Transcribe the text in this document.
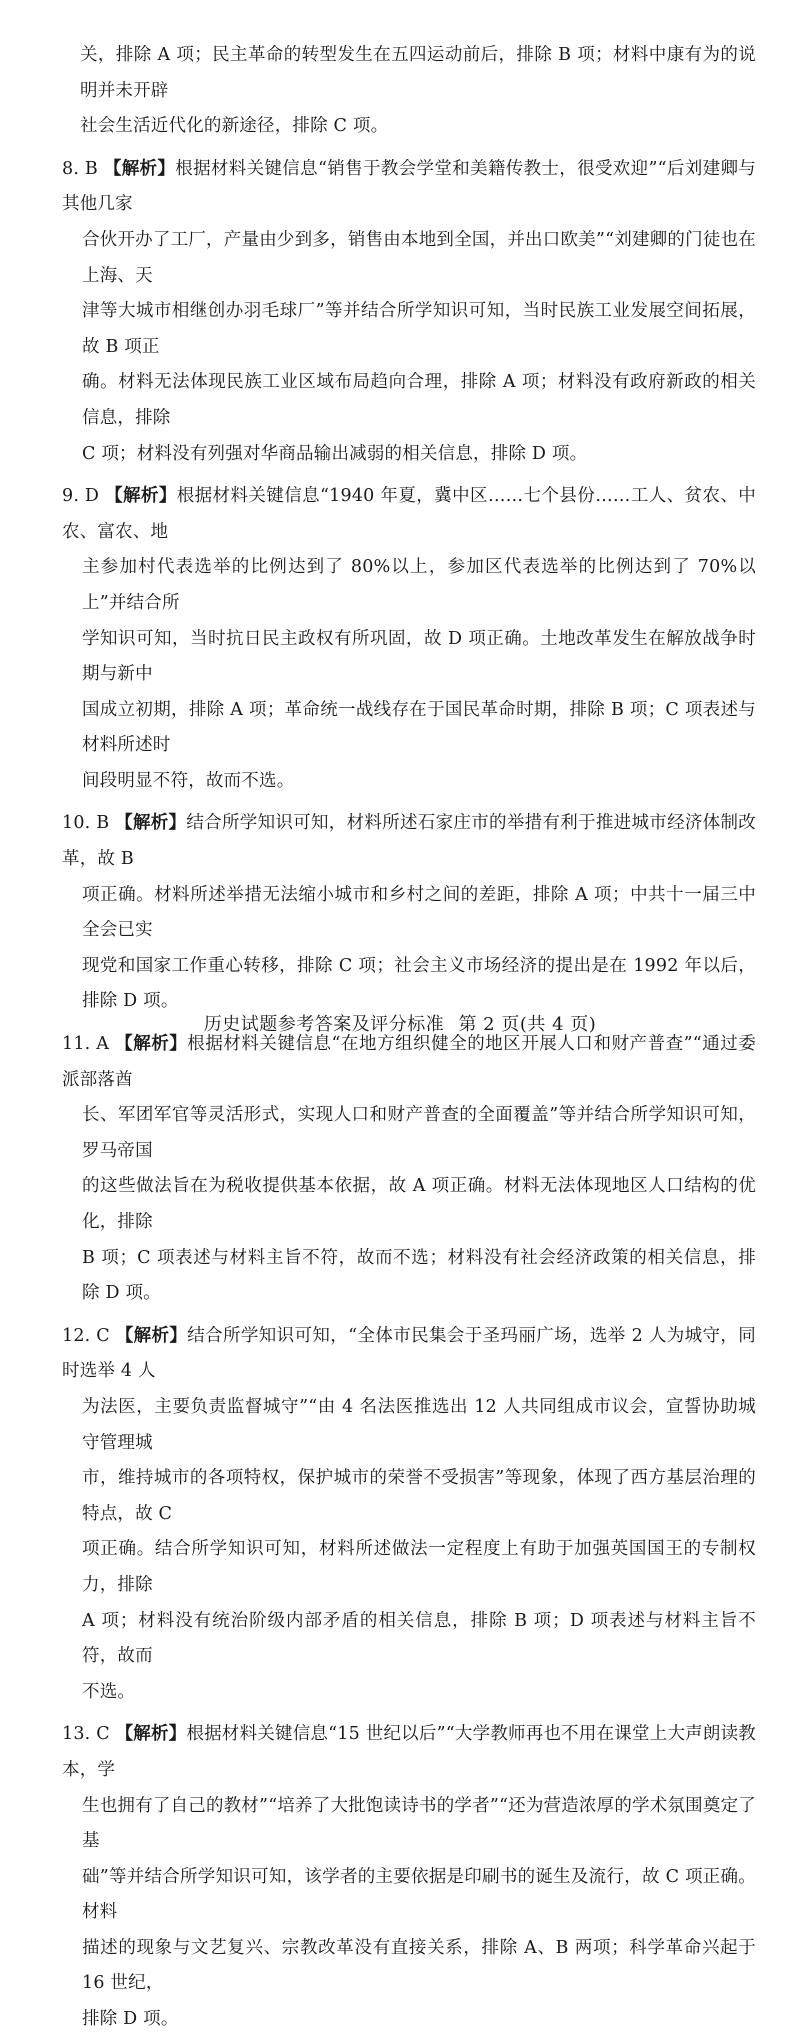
关，排除 A 项；民主革命的转型发生在五四运动前后，排除 B 项；材料中康有为的说明并未开辟
社会生活近代化的新途径，排除 C 项。
8. B 【解析】根据材料关键信息“销售于教会学堂和美籍传教士，很受欢迎”“后刘建卿与其他几家
合伙开办了工厂，产量由少到多，销售由本地到全国，并出口欧美”“刘建卿的门徒也在上海、天
津等大城市相继创办羽毛球厂”等并结合所学知识可知，当时民族工业发展空间拓展，故 B 项正
确。材料无法体现民族工业区域布局趋向合理，排除 A 项；材料没有政府新政的相关信息，排除
C 项；材料没有列强对华商品输出减弱的相关信息，排除 D 项。
9. D 【解析】根据材料关键信息“1940 年夏，冀中区……七个县份……工人、贫农、中农、富农、地
主参加村代表选举的比例达到了 80%以上，参加区代表选举的比例达到了 70%以上”并结合所
学知识可知，当时抗日民主政权有所巩固，故 D 项正确。土地改革发生在解放战争时期与新中
国成立初期，排除 A 项；革命统一战线存在于国民革命时期，排除 B 项；C 项表述与材料所述时
间段明显不符，故而不选。
10. B 【解析】结合所学知识可知，材料所述石家庄市的举措有利于推进城市经济体制改革，故 B
项正确。材料所述举措无法缩小城市和乡村之间的差距，排除 A 项；中共十一届三中全会已实
现党和国家工作重心转移，排除 C 项；社会主义市场经济的提出是在 1992 年以后，排除 D 项。
11. A 【解析】根据材料关键信息“在地方组织健全的地区开展人口和财产普查”“通过委派部落酋
长、军团军官等灵活形式，实现人口和财产普查的全面覆盖”等并结合所学知识可知，罗马帝国
的这些做法旨在为税收提供基本依据，故 A 项正确。材料无法体现地区人口结构的优化，排除
B 项；C 项表述与材料主旨不符，故而不选；材料没有社会经济政策的相关信息，排除 D 项。
12. C 【解析】结合所学知识可知，“全体市民集会于圣玛丽广场，选举 2 人为城守，同时选举 4 人
为法医，主要负责监督城守”“由 4 名法医推选出 12 人共同组成市议会，宣誓协助城守管理城
市，维持城市的各项特权，保护城市的荣誉不受损害”等现象，体现了西方基层治理的特点，故 C
项正确。结合所学知识可知，材料所述做法一定程度上有助于加强英国国王的专制权力，排除
A 项；材料没有统治阶级内部矛盾的相关信息，排除 B 项；D 项表述与材料主旨不符，故而
不选。
13. C 【解析】根据材料关键信息“15 世纪以后”“大学教师再也不用在课堂上大声朗读教本，学
生也拥有了自己的教材”“培养了大批饱读诗书的学者”“还为营造浓厚的学术氛围奠定了基
础”等并结合所学知识可知，该学者的主要依据是印刷书的诞生及流行，故 C 项正确。材料
描述的现象与文艺复兴、宗教改革没有直接关系，排除 A、B 两项；科学革命兴起于 16 世纪，
排除 D 项。
历史试题参考答案及评分标准 第 2 页(共 4 页)
